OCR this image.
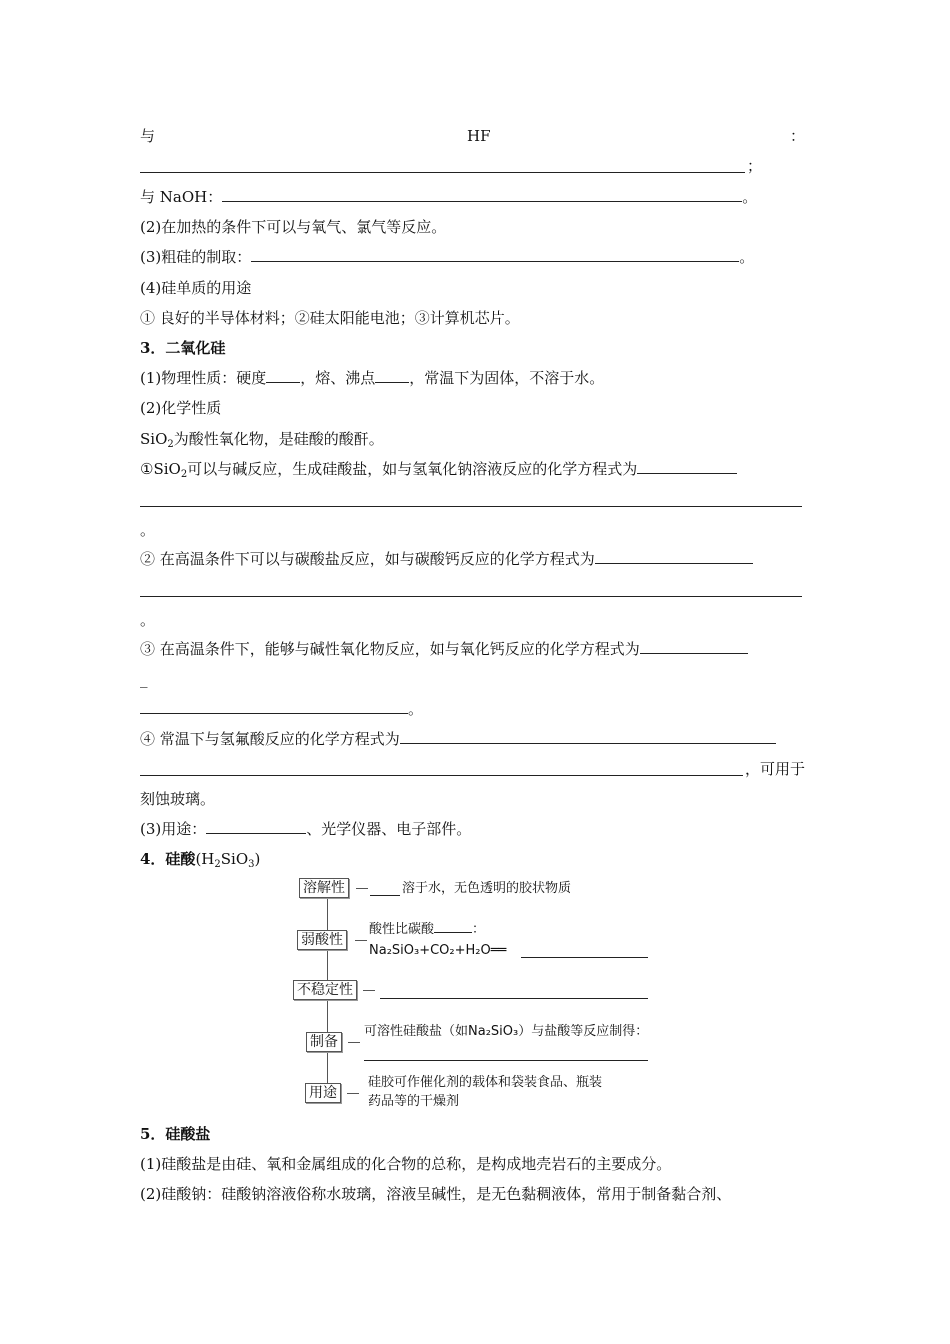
与	HF	：
；
与 NaOH：	。
(2)在加热的条件下可以与氧气、氯气等反应。
(3)粗硅的制取：	。
(4)硅单质的用途
① 良好的半导体材料；②硅太阳能电池；③计算机芯片。
3．二氧化硅
(1)物理性质：硬度 ，熔、沸点 ，常温下为固体，不溶于水。
(2)化学性质
SiO$_2$为酸性氧化物，是硅酸的酸酐。
①SiO$_2$可以与碱反应，生成硅酸盐，如与氢氧化钠溶液反应的化学方程式为
。
② 在高温条件下可以与碳酸盐反应，如与碳酸钙反应的化学方程式为
。
③ 在高温条件下，能够与碱性氧化物反应，如与氧化钙反应的化学方程式为
_
。
④ 常温下与氢氟酸反应的化学方程式为
，可用于
刻蚀玻璃。
(3)用途：	、光学仪器、电子部件。
4．硅酸$(H_2SiO_3)$
溶解性	溶于水，无色透明的胶状物质
弱酸性
酸性比碳酸	：
Na₂SiO₃+CO₂+H₂O══
不稳定性
制备
可溶性硅酸盐（如Na₂SiO₃）与盐酸等反应制得：
用途
硅胶可作催化剂的载体和袋装食品、瓶装
药品等的干燥剂
5．硅酸盐
(1)硅酸盐是由硅、氧和金属组成的化合物的总称，是构成地壳岩石的主要成分。
(2)硅酸钠：硅酸钠溶液俗称水玻璃，溶液呈碱性，是无色黏稠液体，常用于制备黏合剂、
